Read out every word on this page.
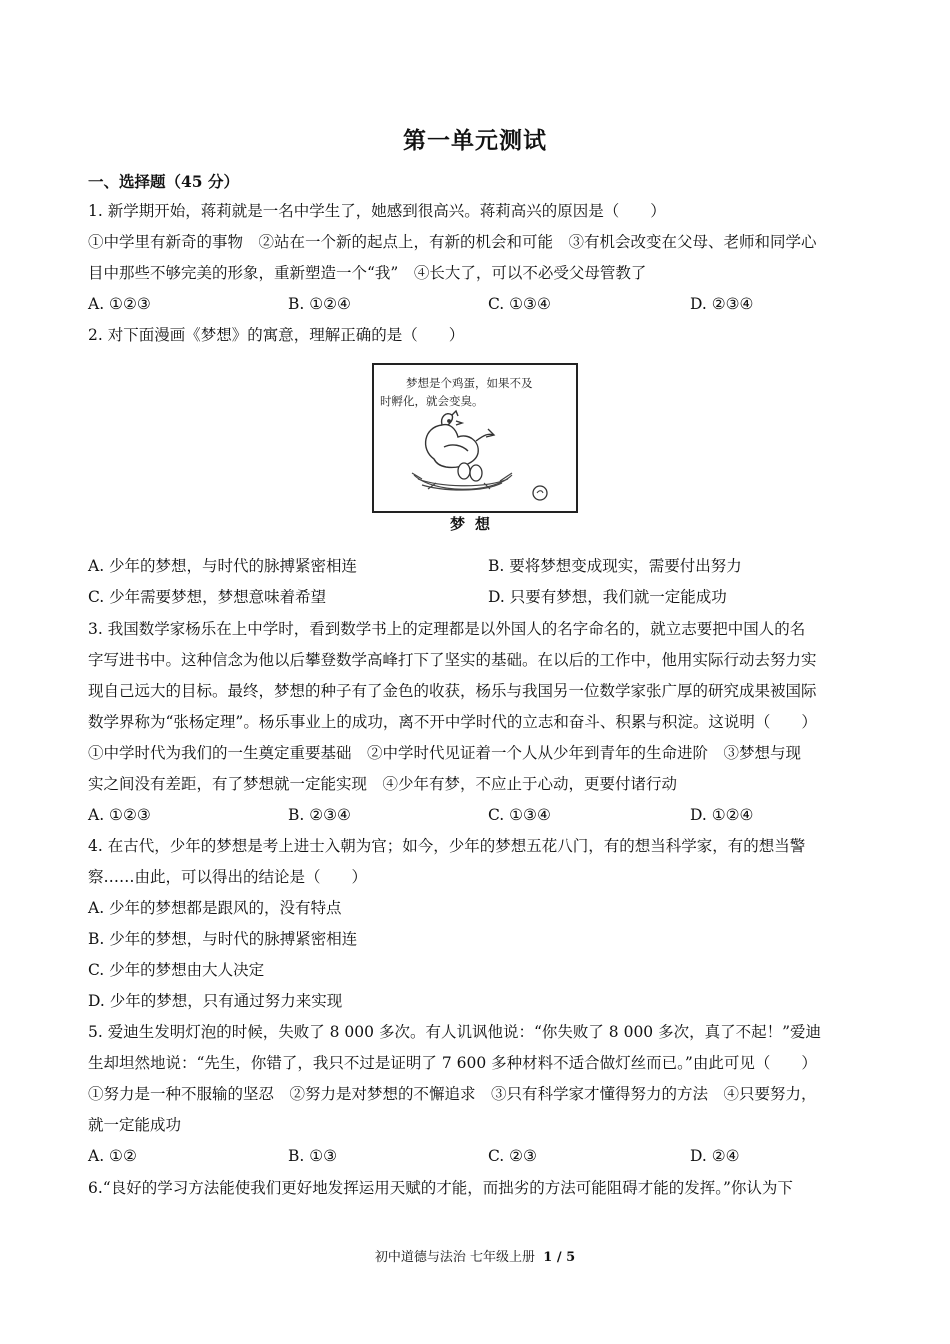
第一单元测试
一、选择题（45 分）
1. 新学期开始，蒋莉就是一名中学生了，她感到很高兴。蒋莉高兴的原因是（　　）
①中学里有新奇的事物　②站在一个新的起点上，有新的机会和可能　③有机会改变在父母、老师和同学心
目中那些不够完美的形象，重新塑造一个“我”　④长大了，可以不必受父母管教了
A. ①②③	B. ①②④	C. ①③④	D. ②③④
2. 对下面漫画《梦想》的寓意，理解正确的是（　　）
梦想是个鸡蛋，如果不及
时孵化，就会变臭。
梦想
A. 少年的梦想，与时代的脉搏紧密相连	B. 要将梦想变成现实，需要付出努力
C. 少年需要梦想，梦想意味着希望	D. 只要有梦想，我们就一定能成功
3. 我国数学家杨乐在上中学时，看到数学书上的定理都是以外国人的名字命名的，就立志要把中国人的名
字写进书中。这种信念为他以后攀登数学高峰打下了坚实的基础。在以后的工作中，他用实际行动去努力实
现自己远大的目标。最终，梦想的种子有了金色的收获，杨乐与我国另一位数学家张广厚的研究成果被国际
数学界称为“张杨定理”。杨乐事业上的成功，离不开中学时代的立志和奋斗、积累与积淀。这说明（　　）
①中学时代为我们的一生奠定重要基础　②中学时代见证着一个人从少年到青年的生命进阶　③梦想与现
实之间没有差距，有了梦想就一定能实现　④少年有梦，不应止于心动，更要付诸行动
A. ①②③	B. ②③④	C. ①③④	D. ①②④
4. 在古代，少年的梦想是考上进士入朝为官；如今，少年的梦想五花八门，有的想当科学家，有的想当警
察……由此，可以得出的结论是（　　）
A. 少年的梦想都是跟风的，没有特点
B. 少年的梦想，与时代的脉搏紧密相连
C. 少年的梦想由大人决定
D. 少年的梦想，只有通过努力来实现
5. 爱迪生发明灯泡的时候，失败了 8 000 多次。有人讥讽他说：“你失败了 8 000 多次，真了不起！”爱迪
生却坦然地说：“先生，你错了，我只不过是证明了 7 600 多种材料不适合做灯丝而已。”由此可见（　　）
①努力是一种不服输的坚忍　②努力是对梦想的不懈追求　③只有科学家才懂得努力的方法　④只要努力，
就一定能成功
A. ①②	B. ①③	C. ②③	D. ②④
6.“良好的学习方法能使我们更好地发挥运用天赋的才能，而拙劣的方法可能阻碍才能的发挥。”你认为下
初中道德与法治 七年级上册 1 / 5
